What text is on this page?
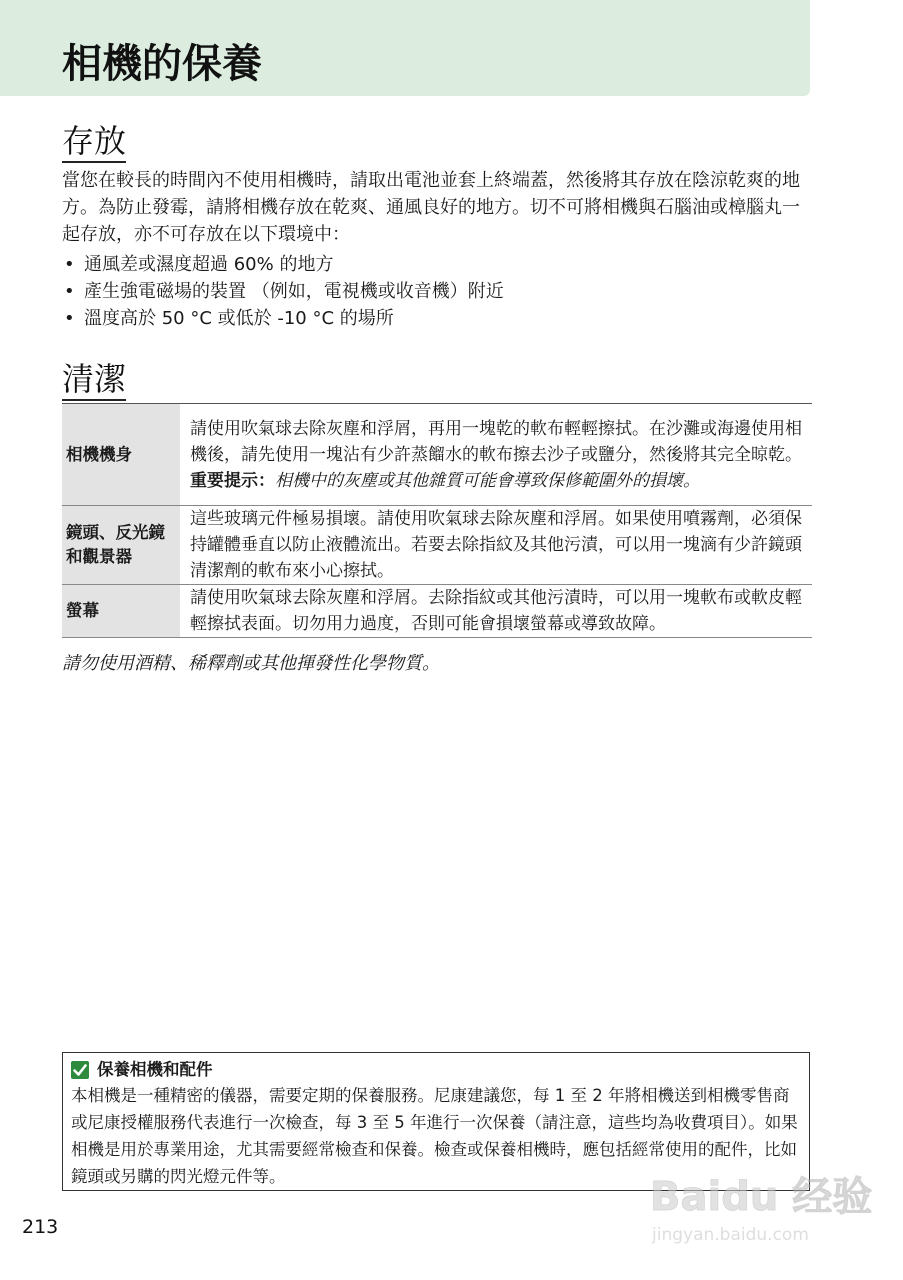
相機的保養
存放

當您在較長的時間內不使用相機時，請取出電池並套上終端蓋，然後將其存放在陰涼乾爽的地方。為防止發霉，請將相機存放在乾爽、通風良好的地方。切不可將相機與石腦油或樟腦丸一起存放，亦不可存放在以下環境中：

• 通風差或濕度超過 60% 的地方
• 產生強電磁場的裝置 （例如，電視機或收音機）附近
• 溫度高於 50 °C 或低於 -10 °C 的場所
清潔
相機機身	請使用吹氣球去除灰塵和浮屑，再用一塊乾的軟布輕輕擦拭。在沙灘或海邊使用相機後，請先使用一塊沾有少許蒸餾水的軟布擦去沙子或鹽分，然後將其完全晾乾。重要提示：相機中的灰塵或其他雜質可能會導致保修範圍外的損壞。
鏡頭、反光鏡和觀景器	這些玻璃元件極易損壞。請使用吹氣球去除灰塵和浮屑。如果使用噴霧劑，必須保持罐體垂直以防止液體流出。若要去除指紋及其他污漬，可以用一塊滴有少許鏡頭清潔劑的軟布來小心擦拭。
螢幕	請使用吹氣球去除灰塵和浮屑。去除指紋或其他污漬時，可以用一塊軟布或軟皮輕輕擦拭表面。切勿用力過度，否則可能會損壞螢幕或導致故障。

請勿使用酒精、稀釋劑或其他揮發性化學物質。

保養相機和配件

本相機是一種精密的儀器，需要定期的保養服務。尼康建議您，每 1 至 2 年將相機送到相機零售商或尼康授權服務代表進行一次檢查，每 3 至 5 年進行一次保養（請注意，這些均為收費項目）。如果相機是用於專業用途，尤其需要經常檢查和保養。檢查或保養相機時，應包括經常使用的配件，比如鏡頭或另購的閃光燈元件等。

213

Baidu 经验
jingyan.baidu.com
